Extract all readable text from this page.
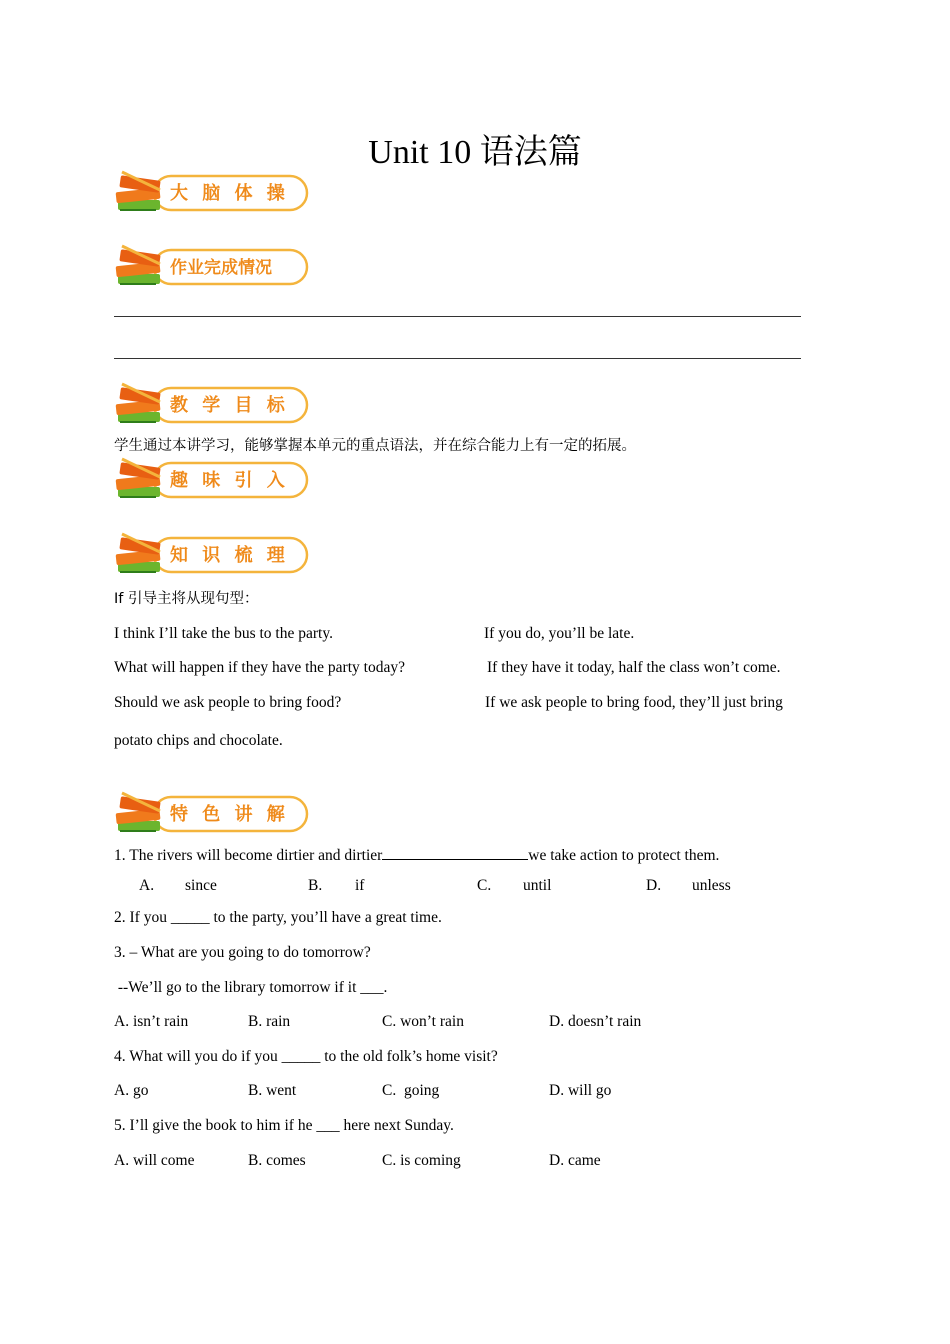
Unit 10 语法篇
大 脑 体 操
作业完成情况
教 学 目 标
学生通过本讲学习，能够掌握本单元的重点语法，并在综合能力上有一定的拓展。
趣 味 引 入
知 识 梳 理
If 引导主将从现句型：
I think I’ll take the bus to the party.	If you do, you’ll be late.
What will happen if they have the party today?	If they have it today, half the class won’t come.
Should we ask people to bring food?	If we ask people to bring food, they’ll just bring
potato chips and chocolate.
特 色 讲 解
1. The rivers will become dirtier and dirtier	we take action to protect them.
A. since	B. if	C. until	D. unless
2. If you _____ to the party, you’ll have a great time.
3. – What are you going to do tomorrow?
--We’ll go to the library tomorrow if it ___.
A. isn’t rain	B. rain	C. won’t rain	D. doesn’t rain
4. What will you do if you _____ to the old folk’s home visit?
A. go	B. went	C.  going	D. will go
5. I’ll give the book to him if he ___ here next Sunday.
A. will come	B. comes	C. is coming	D. came
